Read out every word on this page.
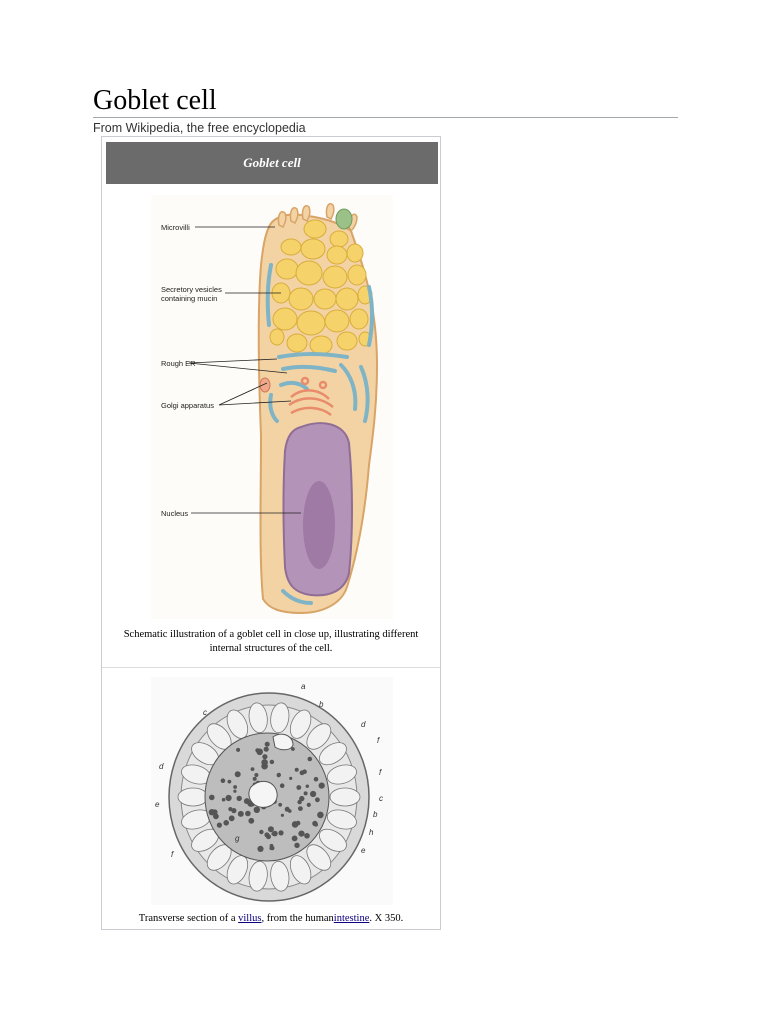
Goblet cell
From Wikipedia, the free encyclopedia
Goblet cell
Microvilli
Secretory vesicles
containing mucin
Rough ER
Golgi apparatus
Nucleus
Schematic illustration of a goblet cell in close up, illustrating different internal structures of the cell.
a
b
c
d
d
e
f
f
c
b
h
e
g
f
Transverse section of a villus, from the humanintestine. X 350.
